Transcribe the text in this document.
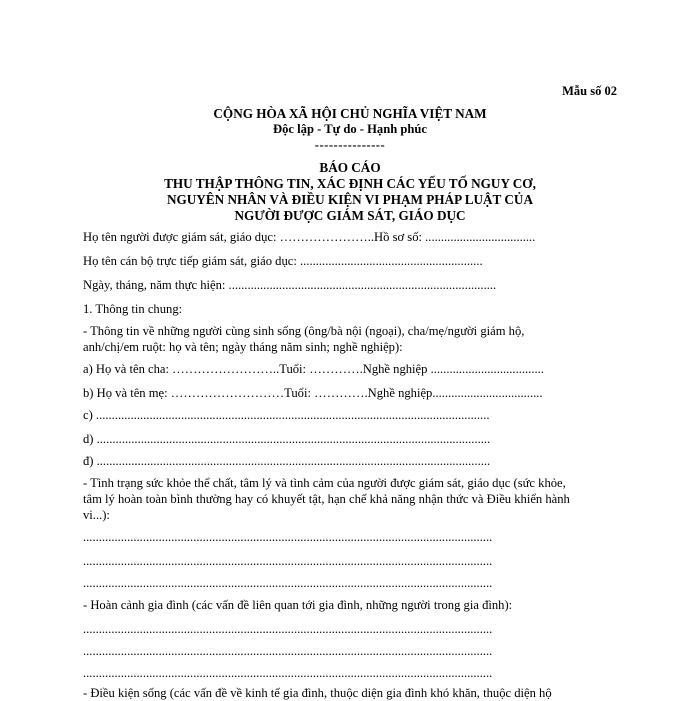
Mẫu số 02
CỘNG HÒA XÃ HỘI CHỦ NGHĨA VIỆT NAM
Độc lập - Tự do - Hạnh phúc
---------------
BÁO CÁO
THU THẬP THÔNG TIN, XÁC ĐỊNH CÁC YẾU TỐ NGUY CƠ,
NGUYÊN NHÂN VÀ ĐIỀU KIỆN VI PHẠM PHÁP LUẬT CỦA
NGƯỜI ĐƯỢC GIÁM SÁT, GIÁO DỤC
Họ tên người được giám sát, giáo dục: …………………..Hồ sơ số: ...................................
Họ tên cán bộ trực tiếp giám sát, giáo dục: ..........................................................
Ngày, tháng, năm thực hiện: .....................................................................................
1. Thông tin chung:
- Thông tin về những người cùng sinh sống (ông/bà nội (ngoại), cha/mẹ/người giám hộ,
anh/chị/em ruột: họ và tên; ngày tháng năm sinh; nghề nghiệp):
a) Họ và tên cha: ……………………..Tuổi: ………….Nghề nghiệp ....................................
b) Họ và tên mẹ: ………………………Tuổi: ………….Nghề nghiệp...................................
c) .............................................................................................................................
d) .............................................................................................................................
đ) .............................................................................................................................
- Tình trạng sức khỏe thể chất, tâm lý và tình cảm của người được giám sát, giáo dục (sức khỏe,
tâm lý hoàn toàn bình thường hay có khuyết tật, hạn chế khả năng nhận thức và Điều khiển hành
vi...):
..................................................................................................................................
..................................................................................................................................
..................................................................................................................................
- Hoàn cảnh gia đình (các vấn đề liên quan tới gia đình, những người trong gia đình):
..................................................................................................................................
..................................................................................................................................
..................................................................................................................................
- Điều kiện sống (các vấn đề về kinh tế gia đình, thuộc diện gia đình khó khăn, thuộc diện hộ
